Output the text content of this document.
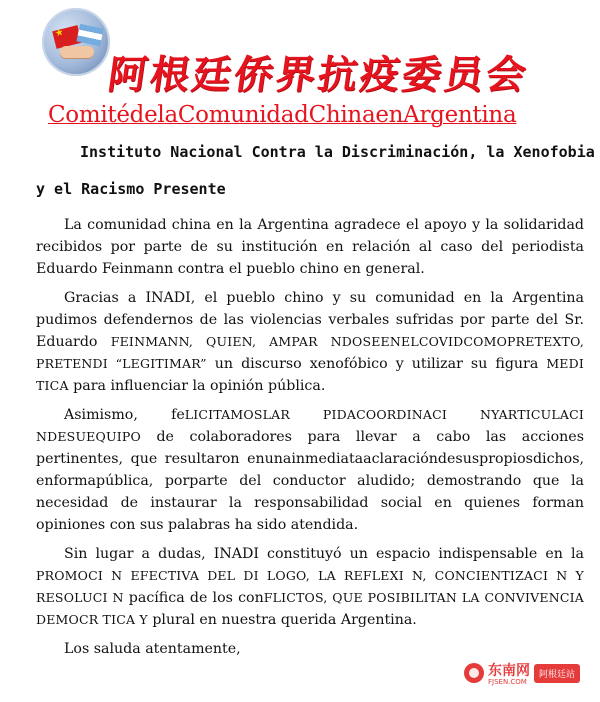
★
阿根廷侨界抗疫委员会
ComitédelaComunidadChinaenArgentina
Instituto Nacional Contra la Discriminación, la Xenofobia
y el Racismo Presente

La comunidad china en la Argentina agradece el apoyo y la solidaridad recibidos por parte de su institución en relación al caso del periodista Eduardo Feinmann contra el pueblo chino en general.

Gracias a INADI, el pueblo chino y su comunidad en la Argentina pudimos defendernos de las violencias verbales sufridas por parte del Sr. Eduardo FEINMANN, QUIEN, AMPAR NDOSEENELCOVIDCOMOPRETEXTO, PRETENDI “LEGITIMAR” un discurso xenofóbico y utilizar su figura MEDI TICA para influenciar la opinión pública.

Asimismo, feLICITAMOSLAR PIDACOORDINACI NYARTICULACI NDESUEQUIPO de colaboradores para llevar a cabo las acciones pertinentes, que resultaron enunainmediataaclaracióndesuspropiosdichos, enformapública, porparte del conductor aludido; demostrando que la necesidad de instaurar la responsabilidad social en quienes forman opiniones con sus palabras ha sido atendida.

Sin lugar a dudas, INADI constituyó un espacio indispensable en la PROMOCI N EFECTIVA DEL DI LOGO, LA REFLEXI N, CONCIENTIZACI N Y RESOLUCI N pacífica de los conFLICTOS, QUE POSIBILITAN LA CONVIVENCIA DEMOCR TICA Y plural en nuestra querida Argentina.

Los saluda atentamente,

东南网
FJSEN.COM
阿根廷站
